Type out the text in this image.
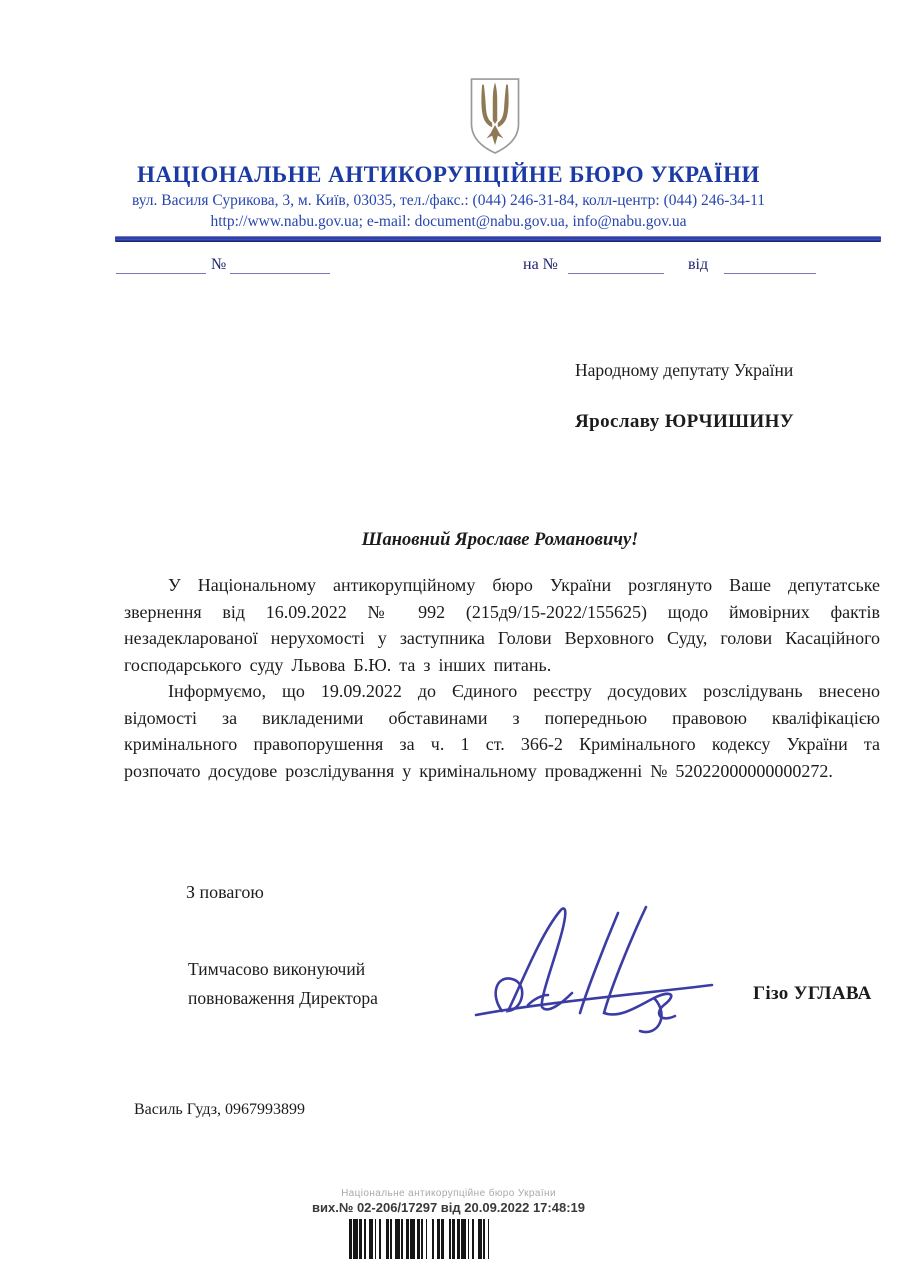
НАЦІОНАЛЬНЕ АНТИКОРУПЦІЙНЕ БЮРО УКРАЇНИ
вул. Василя Сурикова, 3, м. Київ, 03035, тел./факс.: (044) 246-31-84, колл-центр: (044) 246-34-11
http://www.nabu.gov.ua; e-mail: document@nabu.gov.ua, info@nabu.gov.ua
№	на №	від
Народному депутату України
Ярославу ЮРЧИШИНУ
Шановний Ярославе Романовичу!

У Національному антикорупційному бюро України розглянуто Ваше депутатське звернення від 16.09.2022 № 992 (215д9/15-2022/155625) щодо ймовірних фактів незадекларованої нерухомості у заступника Голови Верховного Суду, голови Касаційного господарського суду Львова Б.Ю. та з інших питань.

Інформуємо, що 19.09.2022 до Єдиного реєстру досудових розслідувань внесено відомості за викладеними обставинами з попередньою правовою кваліфікацією кримінального правопорушення за ч. 1 ст. 366-2 Кримінального кодексу України та розпочато досудове розслідування у кримінальному провадженні № 52022000000000272.

З повагою
Тимчасово виконуючий
повноваження Директора	Гізо УГЛАВА
Василь Гудз, 0967993899
Національне антикорупційне бюро України
вих.№ 02-206/17297 від 20.09.2022 17:48:19
